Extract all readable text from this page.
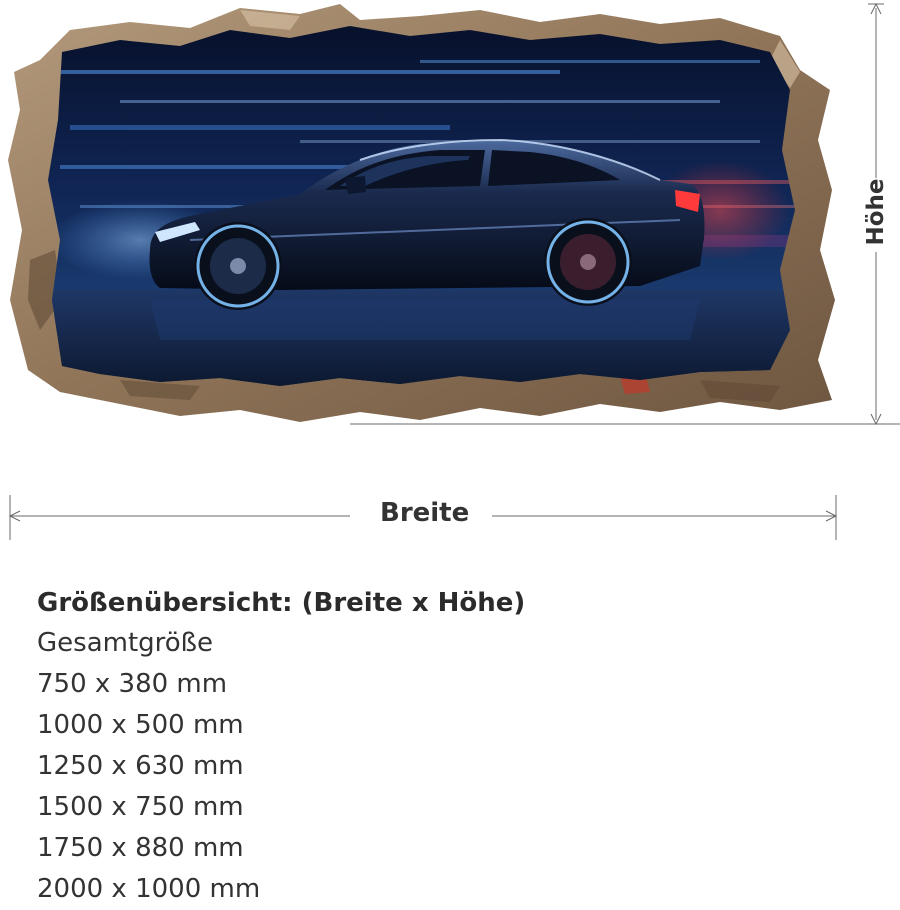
Breite
Höhe
Größenübersicht: (Breite x Höhe)
Gesamtgröße
750 x 380 mm
1000 x 500 mm
1250 x 630 mm
1500 x 750 mm
1750 x 880 mm
2000 x 1000 mm
